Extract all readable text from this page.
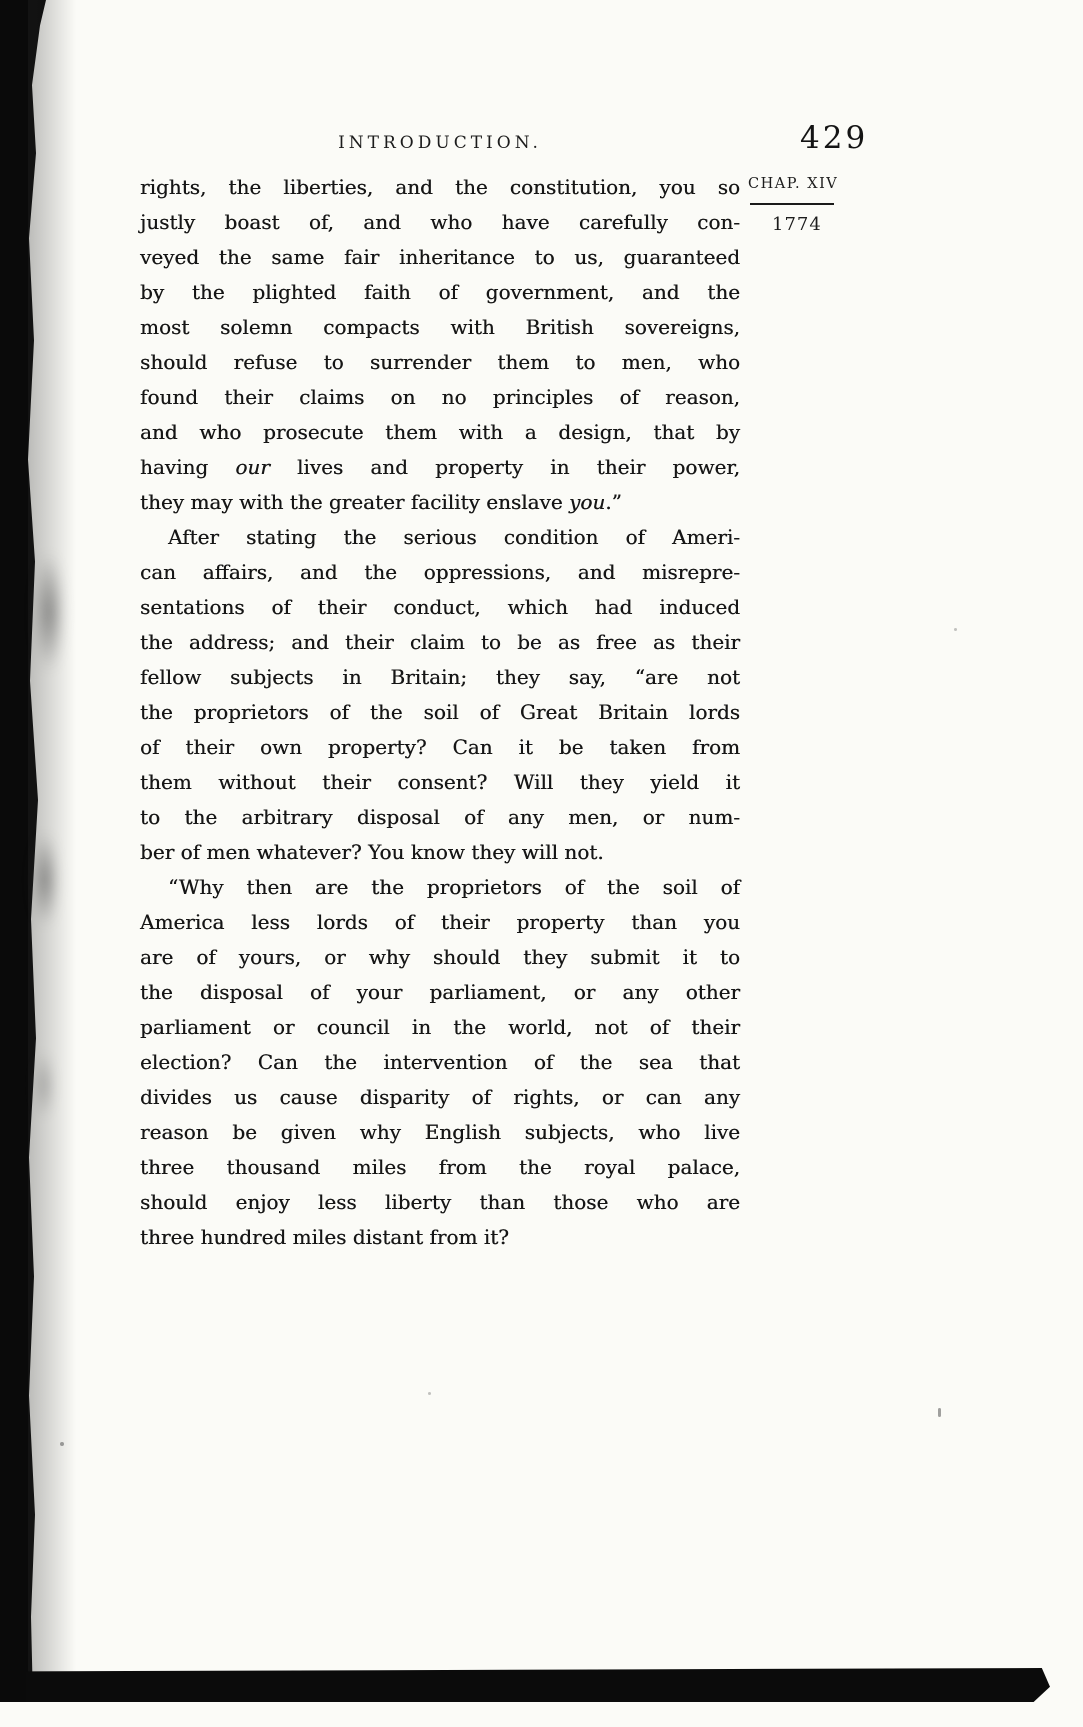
INTRODUCTION.	429
CHAP. XIV
1774
rights, the liberties, and the constitution, you so
justly boast of, and who have carefully con-
veyed the same fair inheritance to us, guaranteed
by the plighted faith of government, and the
most solemn compacts with British sovereigns,
should refuse to surrender them to men, who
found their claims on no principles of reason,
and who prosecute them with a design, that by
having our lives and property in their power,
they may with the greater facility enslave you.”
After stating the serious condition of Ameri-
can affairs, and the oppressions, and misrepre-
sentations of their conduct, which had induced
the address; and their claim to be as free as their
fellow subjects in Britain; they say, “are not
the proprietors of the soil of Great Britain lords
of their own property? Can it be taken from
them without their consent? Will they yield it
to the arbitrary disposal of any men, or num-
ber of men whatever? You know they will not.
“Why then are the proprietors of the soil of
America less lords of their property than you
are of yours, or why should they submit it to
the disposal of your parliament, or any other
parliament or council in the world, not of their
election? Can the intervention of the sea that
divides us cause disparity of rights, or can any
reason be given why English subjects, who live
three thousand miles from the royal palace,
should enjoy less liberty than those who are
three hundred miles distant from it?
